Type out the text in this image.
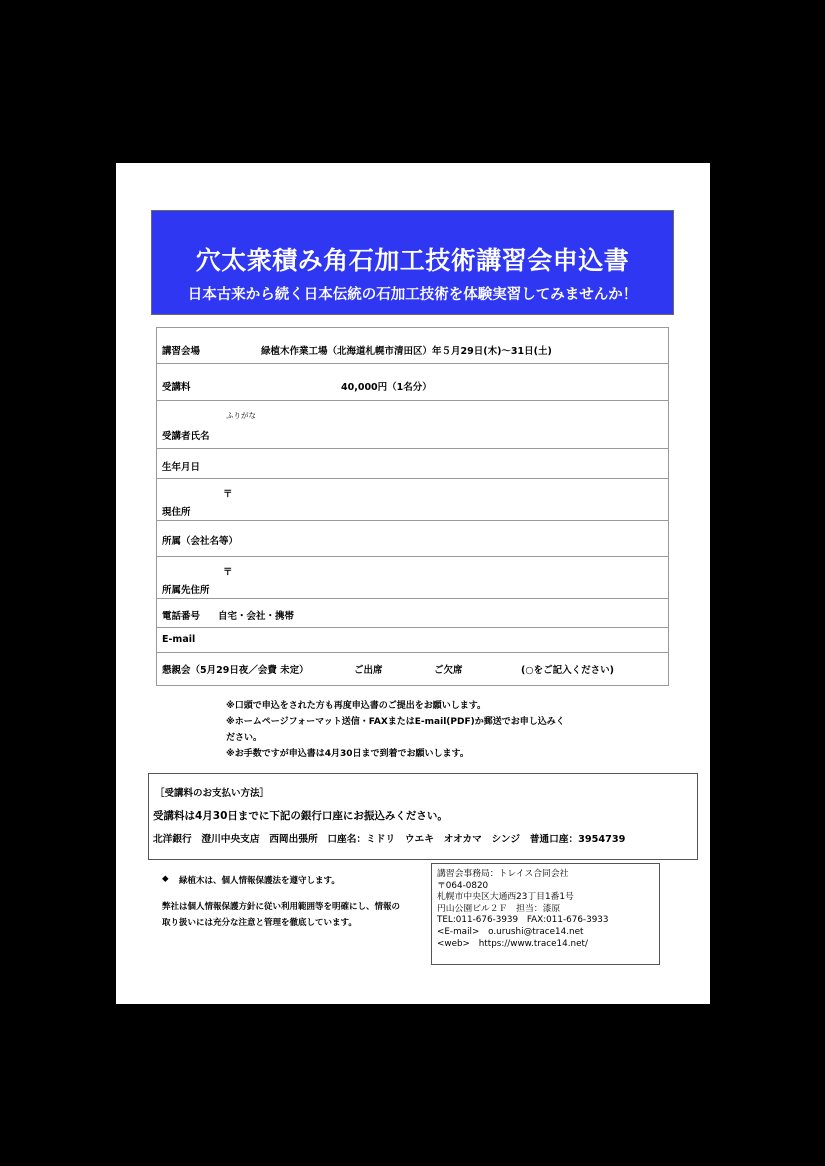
穴太衆積み角石加工技術講習会申込書
日本古来から続く日本伝統の石加工技術を体験実習してみませんか！
講習会場	緑植木作業工場（北海道札幌市清田区）年５月29日(木)〜31日(土)
受講料	40,000円（1名分）
ふりがな
受講者氏名
生年月日
〒
現住所
所属（会社名等）
〒
所属先住所
電話番号 自宅・会社・携帯
E-mail
懇親会（5月29日夜／会費 未定）	ご出席	ご欠席	(○をご記入ください)
※口頭で申込をされた方も再度申込書のご提出をお願いします。
※ホームページフォーマット送信・FAXまたはE-mail(PDF)か郵送でお申し込みく
ださい。
※お手数ですが申込書は4月30日まで到着でお願いします。
［受講料のお支払い方法］
受講料は4月30日までに下記の銀行口座にお振込みください。
北洋銀行　澄川中央支店　西岡出張所　口座名：ミドリ　ウエキ　オオカマ　シンジ　普通口座：3954739
◆ 緑植木は、個人情報保護法を遵守します。
弊社は個人情報保護方針に従い利用範囲等を明確にし、情報の
取り扱いには充分な注意と管理を徹底しています。
講習会事務局：トレイス合同会社
〒064-0820
札幌市中央区大通西23丁目1番1号
円山公園ビル２Ｆ　担当：漆原
TEL:011-676-3939　FAX:011-676-3933
<E-mail>　o.urushi@trace14.net
<web>　https://www.trace14.net/
